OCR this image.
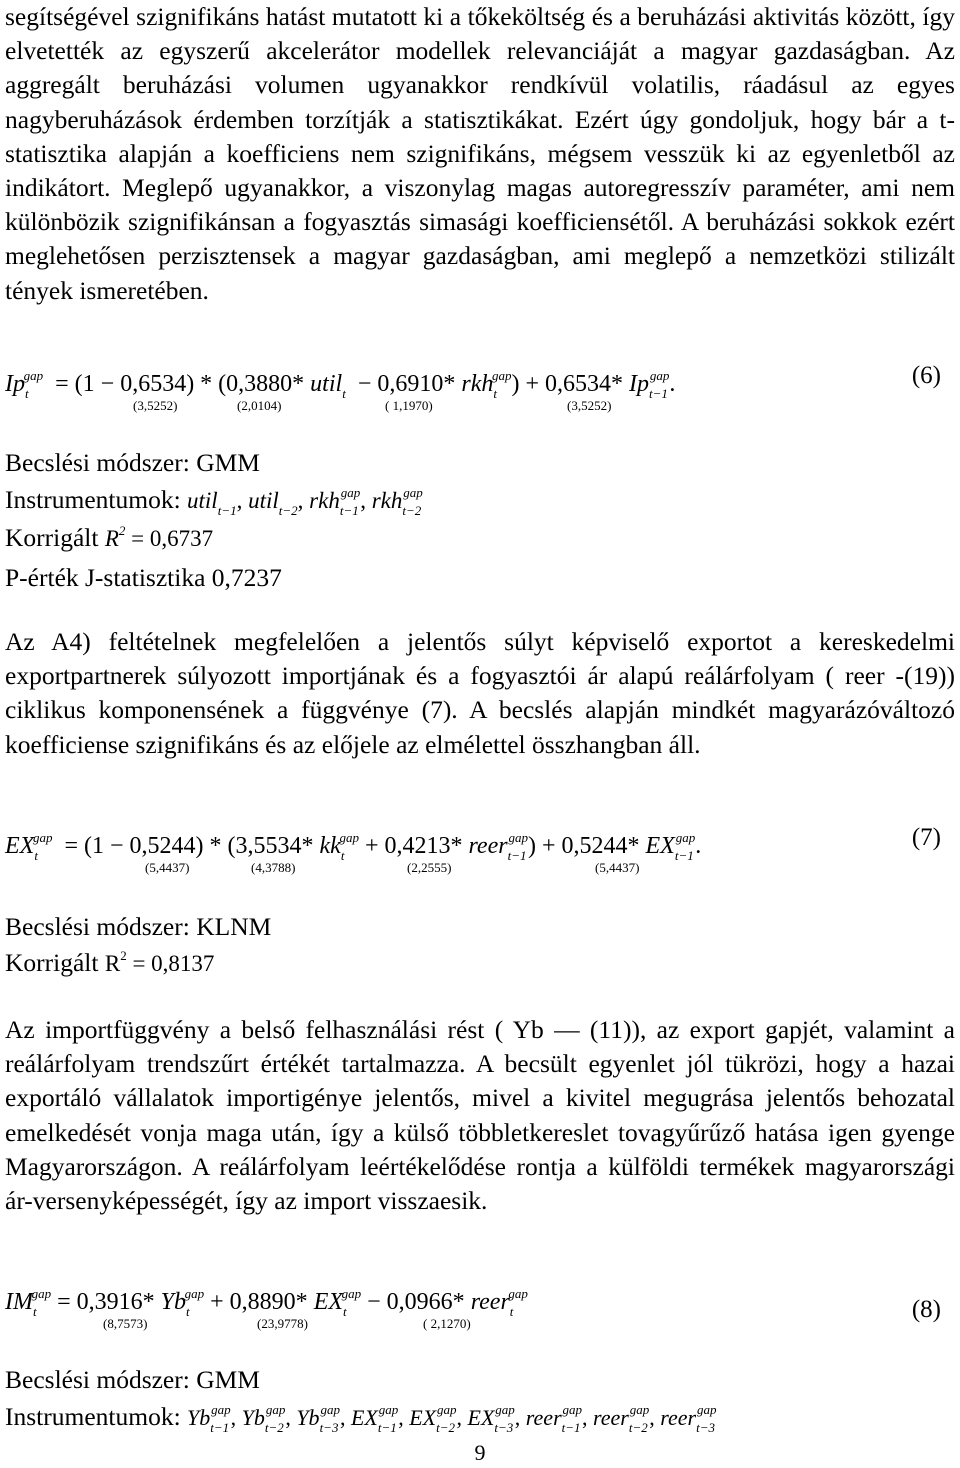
segítségével szignifikáns hatást mutatott ki a tőkeköltség és a beruházási aktivitás között, így elvetették az egyszerű akcelerátor modellek relevanciáját a magyar gazdaságban. Az aggregált beruházási volumen ugyanakkor rendkívül volatilis, ráadásul az egyes nagyberuházások érdemben torzítják a statisztikákat. Ezért úgy gondoljuk, hogy bár a t-statisztika alapján a koefficiens nem szignifikáns, mégsem vesszük ki az egyenletből az indikátort. Meglepő ugyanakkor, a viszonylag magas autoregresszív paraméter, ami nem különbözik szignifikánsan a fogyasztás simasági koefficiensétől. A beruházási sokkok ezért meglehetősen perzisztensek a magyar gazdaságban, ami meglepő a nemzetközi stilizált tények ismeretében.

$Ip_t^{gap} = (1 - 0,6534) * (0,3880*$ util$_t$  − 0,6910* rkh$_t^{gap}$) + 0,6534* $Ip_{t-1}^{gap}$.	(6)
(3,5252)	(2,0104)	( 1,1970)	(3,5252)
Becslési módszer: GMM
Instrumentumok: util$_{t-1}$, util$_{t-2}$, rkh$_{t-1}^{gap}$, rkh$_{t-2}^{gap}$
Korrigált $R^2 = 0,6737$
P-érték J-statisztika 0,7237

Az A4) feltételnek megfelelően a jelentős súlyt képviselő exportot a kereskedelmi exportpartnerek súlyozott importjának és a fogyasztói ár alapú reálárfolyam ( reer -(19)) ciklikus komponensének a függvénye (7). A becslés alapján mindkét magyarázóváltozó koefficiense szignifikáns és az előjele az elmélettel összhangban áll.

$EX_t^{gap} = (1 - 0,5244) * (3,5534*$ $kk_t^{gap} + 0,4213*$ reer$_{t-1}^{gap}$) + 0,5244* $EX_{t-1}^{gap}$.	(7)
(5,4437)	(4,3788)	(2,2555)	(5,4437)
Becslési módszer: KLNM
Korrigált $R^2 = 0,8137$

Az importfüggvény a belső felhasználási rést ( Yb — (11)), az export gapjét, valamint a reálárfolyam trendszűrt értékét tartalmazza. A becsült egyenlet jól tükrözi, hogy a hazai exportáló vállalatok importigénye jelentős, mivel a kivitel megugrása jelentős behozatal emelkedését vonja maga után, így a külső többletkereslet tovagyűrűző hatása igen gyenge Magyarországon. A reálárfolyam leértékelődése rontja a külföldi termékek magyarországi ár-versenyképességét, így az import visszaesik.

$IM_t^{gap} = 0,3916*$ $Yb_t^{gap} + 0,8890*$ $EX_t^{gap} - 0,0966*$ reer$_t^{gap}$
(8)
(8,7573)	(23,9778)	( 2,1270)
Becslési módszer: GMM
Instrumentumok: $Yb_{t-1}^{gap}$, $Yb_{t-2}^{gap}$, $Yb_{t-3}^{gap}$, $EX_{t-1}^{gap}$, $EX_{t-2}^{gap}$, $EX_{t-3}^{gap}$, reer$_{t-1}^{gap}$, reer$_{t-2}^{gap}$, reer$_{t-3}^{gap}$
9
